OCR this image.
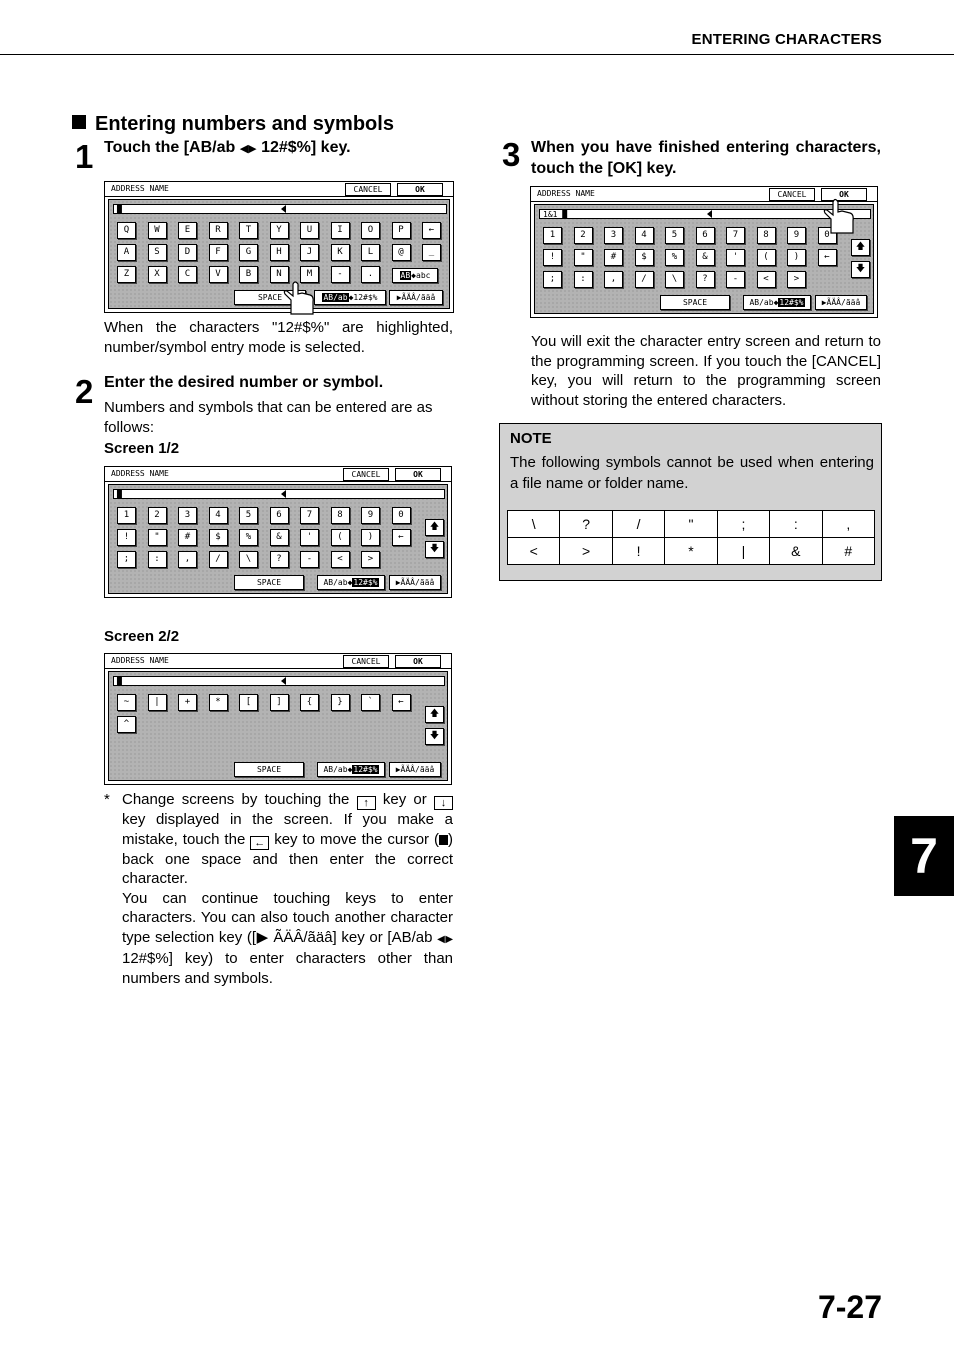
ENTERING CHARACTERS
Entering numbers and symbols
1 Touch the [AB/ab ◀▶ 12#$%] key.
ADDRESS NAME	CANCEL	OK
█
Q	W	E	R	T	Y	U	I	O	P	←
A	S	D	F	G	H	J	K	L	@	_
Z	X	C	V	B	N	M	-	.	AB◆abc
SPACE	AB/ab◆12#$%	▶ÃÄÂ/ãäâ
When the characters "12#$%" are highlighted, number/symbol entry mode is selected.
2 Enter the desired number or symbol.
Numbers and symbols that can be entered are as follows:
Screen 1/2
ADDRESS NAME	CANCEL	OK
█
1	2	3	4	5	6	7	8	9	0
!	"	#	$	%	&	'	(	)	←
;	:	,	/	\	?	-	<	>
🡅
🡇
SPACE	AB/ab◆12#$%	▶ÃÄÂ/ãäâ
Screen 2/2
ADDRESS NAME	CANCEL	OK
█
~	|	+	*	[	]	{	}	`	←
^
🡅
🡇
SPACE	AB/ab◆12#$%	▶ÃÄÂ/ãäâ
* Change screens by touching the ↑ key or ↓ key displayed in the screen. If you make a mistake, touch the ← key to move the cursor ( ) back one space and then enter the correct character.
You can continue touching keys to enter characters. You can also touch another character type selection key ([▶ ÃÄÂ/ãäâ] key or [AB/ab ◀▶ 12#$%] key) to enter characters other than numbers and symbols.
3 When you have finished entering characters, touch the [OK] key.
ADDRESS NAME	CANCEL	OK
1&1 █
1	2	3	4	5	6	7	8	9	0
!	"	#	$	%	&	'	(	)	←
;	:	,	/	\	?	-	<	>
🡅
🡇
SPACE	AB/ab◆12#$%	▶ÃÄÂ/ãäâ
You will exit the character entry screen and return to the programming screen. If you touch the [CANCEL] key, you will return to the programming screen without storing the entered characters.
NOTE
The following symbols cannot be used when entering a file name or folder name.
\	?	/	"	;	:	,
<	>	!	*	|	&	#
7
7-27
